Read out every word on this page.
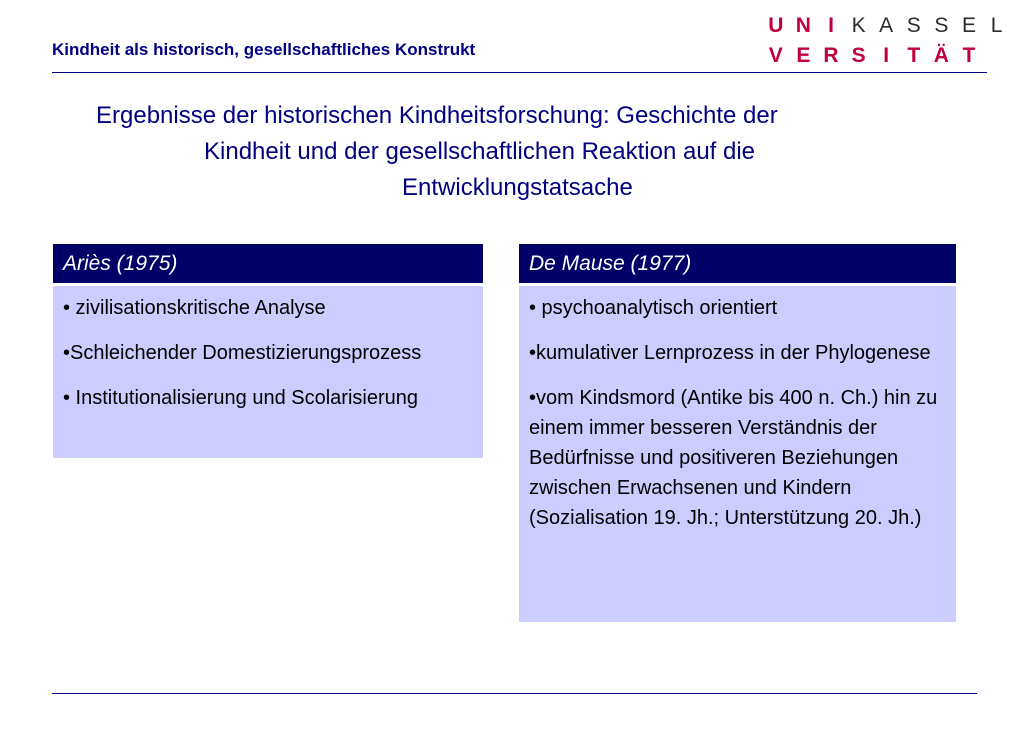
Kindheit als historisch, gesellschaftliches Konstrukt
U N I K A S S E L
V E R S I T Ä T
Ergebnisse der historischen Kindheitsforschung: Geschichte der
Kindheit und der gesellschaftlichen Reaktion auf die
Entwicklungstatsache
Ariès (1975)
• zivilisationskritische Analyse
•Schleichender Domestizierungsprozess
• Institutionalisierung und Scolarisierung
De Mause (1977)
• psychoanalytisch orientiert
•kumulativer Lernprozess in der Phylogenese
•vom Kindsmord (Antike bis 400 n. Ch.) hin zu einem immer besseren Verständnis der Bedürfnisse und positiveren Beziehungen zwischen Erwachsenen und Kindern (Sozialisation 19. Jh.; Unterstützung 20. Jh.)
